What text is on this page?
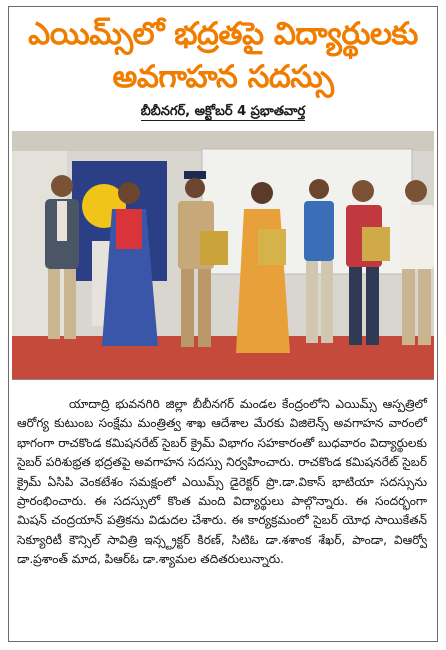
ఎయిమ్స్‌లో భద్రతపై విద్యార్థులకు
అవగాహన సదస్సు
బీబీనగర్, అక్టోబర్ 4 ప్రభాతవార్త
యాదాద్రి భువనగిరి జిల్లా బీబీనగర్ మండల కేంద్రంలోని ఎయిమ్స్ ఆస్పత్రిలో ఆరోగ్య కుటుంబ సంక్షేమ మంత్రిత్వ శాఖ ఆదేశాల మేరకు విజిలెన్స్ అవగాహన వారంలో భాగంగా రాచకొండ కమిషనరేట్ సైబర్ క్రైమ్ విభాగం సహకారంతో బుధవారం విద్యార్థులకు సైబర్ పరిశుభ్రత భద్రతపై అవగాహన సదస్సు నిర్వహించారు. రాచకొండ కమిషనరేట్ సైబర్ క్రైమ్ ఏసిపి వెంకటేశం సమక్షంలో ఎయిమ్స్ డైరెక్టర్ ప్రొ.డా.వికాస్ భాటియా సదస్సును ప్రారంభించారు. ఈ సదస్సులో కొంత మంది విద్యార్థులు పాల్గొన్నారు. ఈ సందర్భంగా మిషన్ చంద్రయాన్ పత్రికను విడుదల చేశారు. ఈ కార్యక్రమంలో సైబర్ యోధ సాయికేతన్ సెక్యూరిటీ కౌన్సిల్ సావిత్రి ఇన్స్ట్రక్టర్ కిరణ్, సిటిఓ డా.శశాంక శేఖర్, పాండా, విఆర్వో డా.ప్రశాంత్ మాద, పిఆర్ఓ డా.శ్యామల తదితరులున్నారు.
